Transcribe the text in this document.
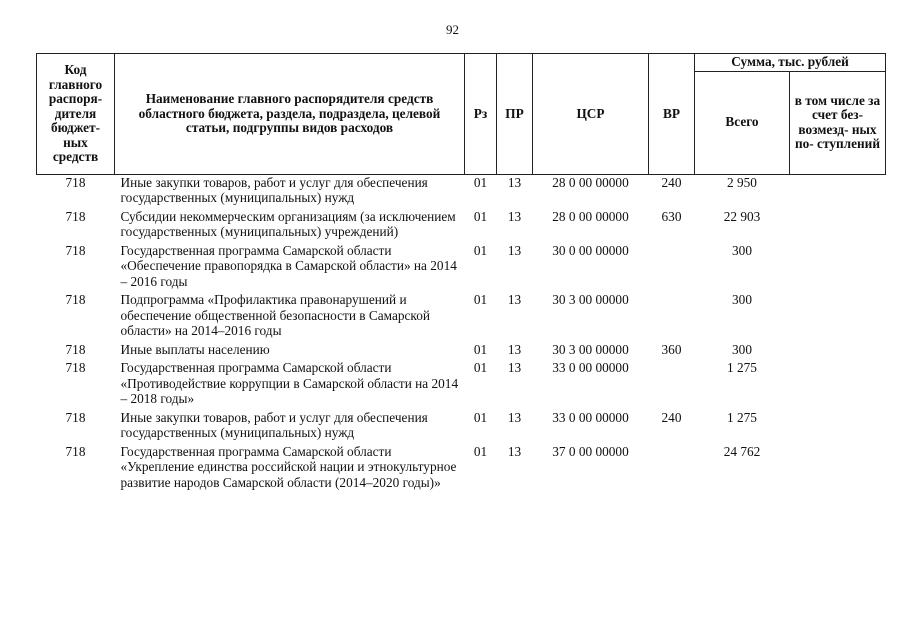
92
Код главного распоря- дителя бюджет- ных средств	Наименование главного распорядителя средств областного бюджета, раздела, подраздела, целевой статьи, подгруппы видов расходов	Рз	ПР	ЦСР	ВР	Сумма, тыс. рублей	
						Всего	в том числе за счет без- возмезд- ных по- ступлений
718	Иные закупки товаров, работ и услуг для обеспечения государственных (муниципальных) нужд	01	13	28 0 00 00000	240	2 950	
718	Субсидии некоммерческим организациям (за исключением государственных (муниципальных) учреждений)	01	13	28 0 00 00000	630	22 903	
718	Государственная программа Самарской области «Обеспечение правопорядка в Самарской области» на 2014 – 2016 годы	01	13	30 0 00 00000		300	
718	Подпрограмма «Профилактика правонарушений и обеспечение общественной безопасности в Самарской области» на 2014–2016 годы	01	13	30 3 00 00000		300	
718	Иные выплаты населению	01	13	30 3 00 00000	360	300	
718	Государственная программа Самарской области «Противодействие коррупции в Самарской области на 2014 – 2018 годы»	01	13	33 0 00 00000		1 275	
718	Иные закупки товаров, работ и услуг для обеспечения государственных (муниципальных) нужд	01	13	33 0 00 00000	240	1 275	
718	Государственная программа Самарской области «Укрепление единства российской нации и этнокультурное развитие народов Самарской области (2014–2020 годы)»	01	13	37 0 00 00000		24 762	
